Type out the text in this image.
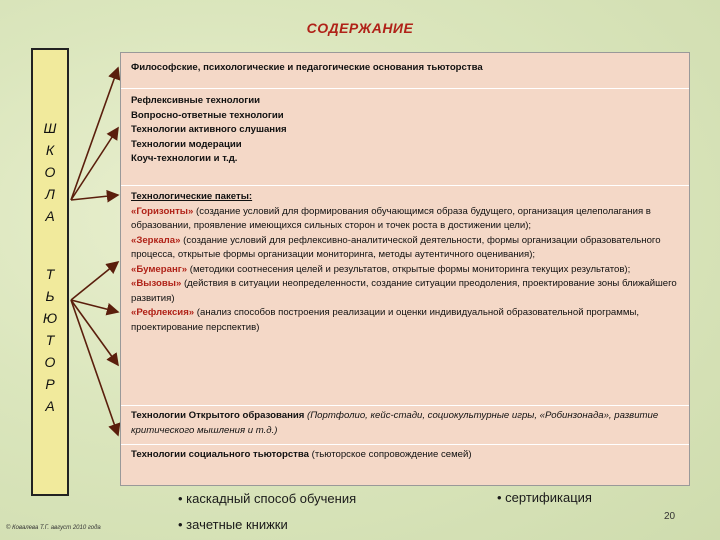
СОДЕРЖАНИЕ
Ш
К
О
Л
А
Т
Ь
Ю
Т
О
Р
А
Философские, психологические и педагогические основания тьюторства
Рефлексивные технологии
Вопросно-ответные технологии
Технологии активного слушания
Технологии модерации
Коуч-технологии и т.д.
Технологические пакеты:
«Горизонты» (создание условий для формирования обучающимся образа будущего, организация целеполагания в образовании, проявление имеющихся сильных сторон и точек роста в достижении цели);
«Зеркала» (создание условий для рефлексивно-аналитической деятельности, формы организации образовательного процесса, открытые формы организации мониторинга, методы аутентичного оценивания);
«Бумеранг» (методики соотнесения целей и результатов, открытые формы мониторинга текущих результатов);
«Вызовы» (действия в ситуации неопределенности, создание ситуации преодоления, проектирование зоны ближайшего развития)
«Рефлексия» (анализ способов построения реализации и оценки индивидуальной образовательной программы, проектирование перспектив)
Технологии Открытого образования (Портфолио, кейс-стади, социокультурные игры, «Робинзонада», развитие критического мышления и т.д.)
Технологии социального тьюторства (тьюторское сопровождение семей)
• каскадный способ обучения
• зачетные книжки
• сертификация
© Ковалева Т.Г. август 2010 года
20
